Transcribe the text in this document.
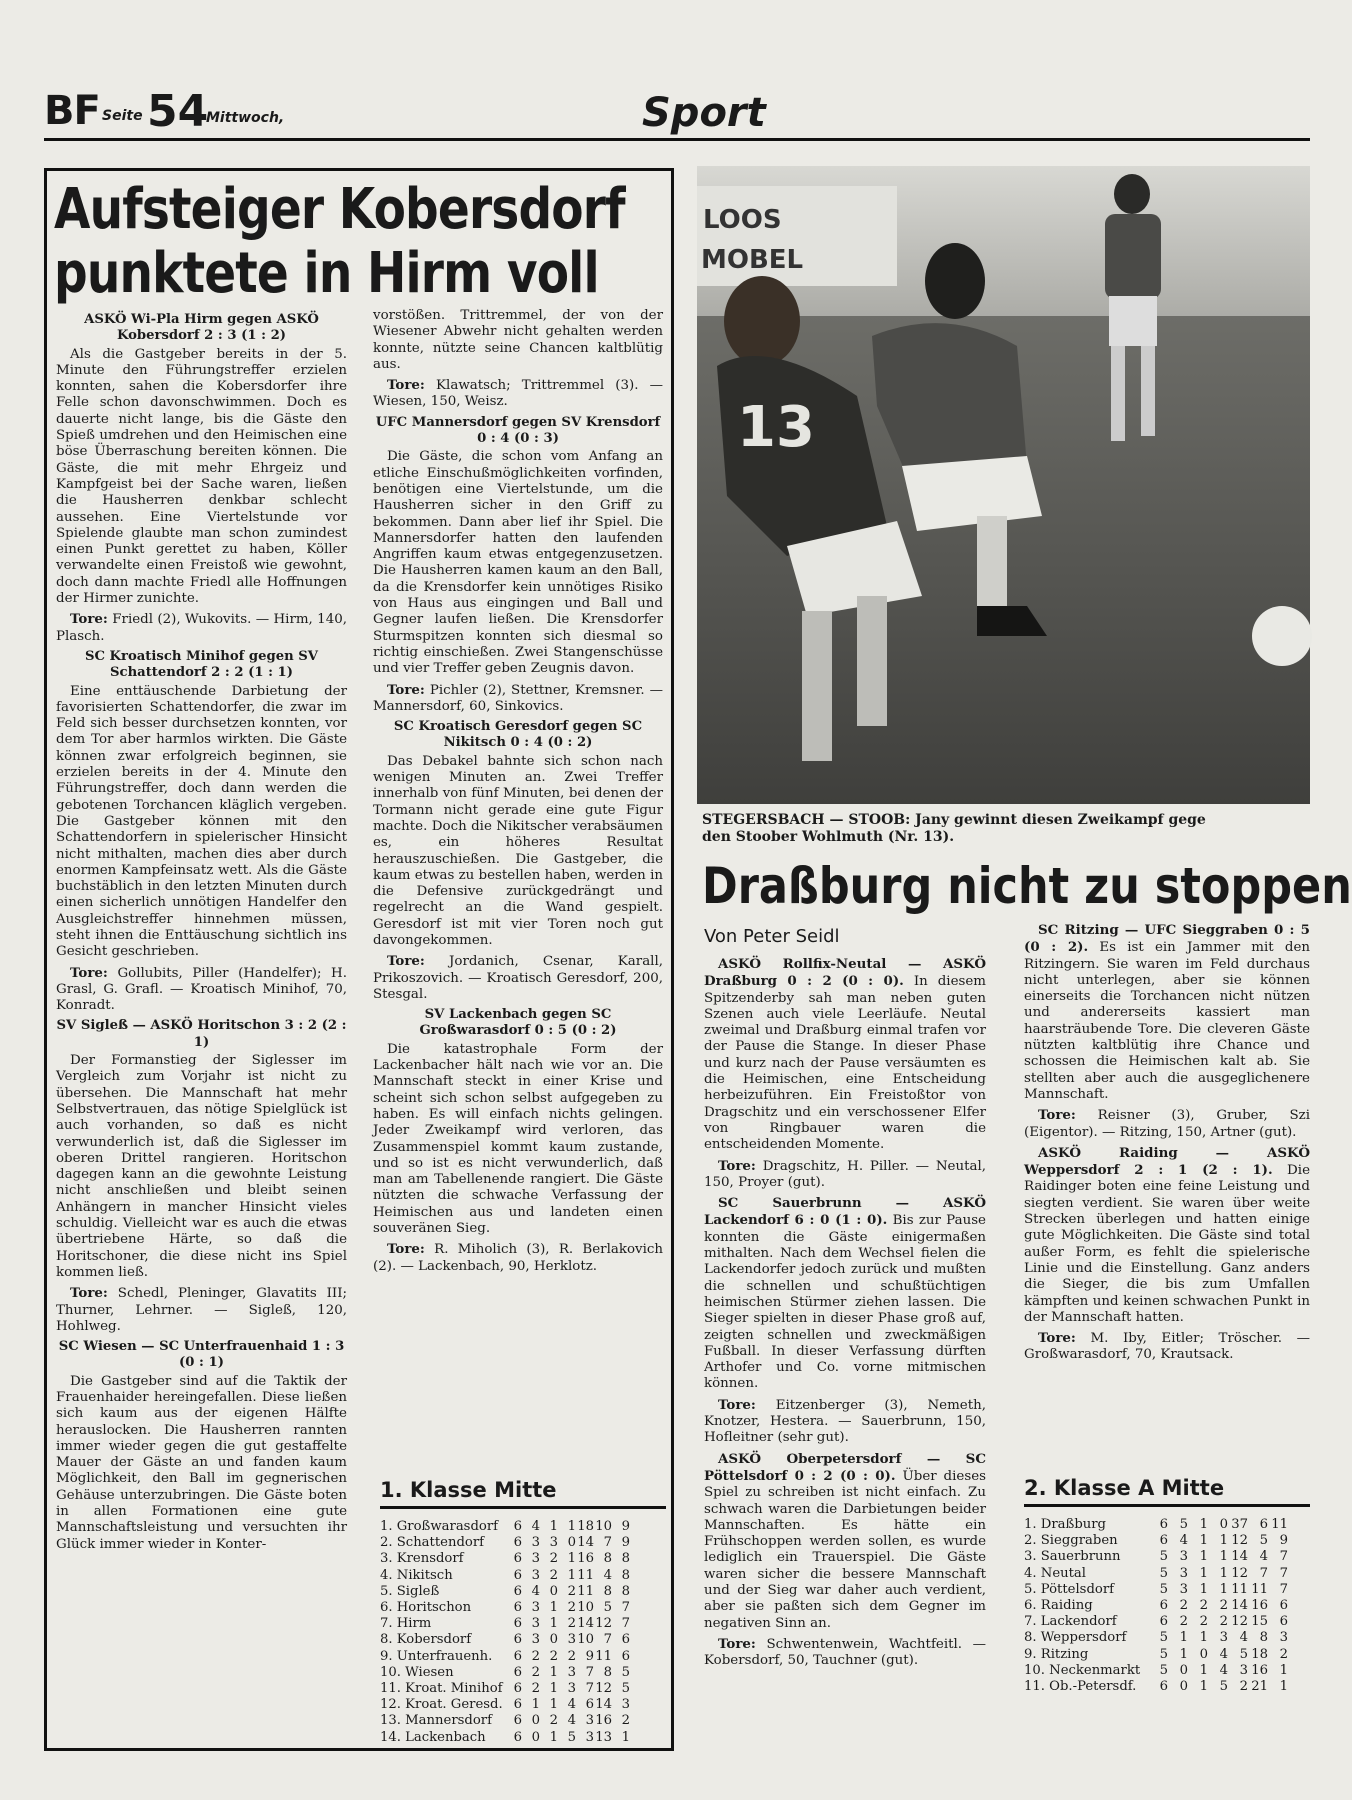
BF Seite 54
Mittwoch,	Sport
Aufsteiger Kobersdorf
punktete in Hirm voll

ASKÖ Wi-Pla Hirm gegen ASKÖ Kobersdorf 2 : 3 (1 : 2)

Als die Gastgeber bereits in der 5. Minute den Führungstreffer erzielen konnten, sahen die Kobersdorfer ihre Felle schon davonschwimmen. Doch es dauerte nicht lange, bis die Gäste den Spieß umdrehen und den Heimischen eine böse Überraschung bereiten können. Die Gäste, die mit mehr Ehrgeiz und Kampfgeist bei der Sache waren, ließen die Hausherren denkbar schlecht aussehen. Eine Viertelstunde vor Spielende glaubte man schon zumindest einen Punkt gerettet zu haben, Köller verwandelte einen Freistoß wie gewohnt, doch dann machte Friedl alle Hoffnungen der Hirmer zunichte.

Tore: Friedl (2), Wukovits. — Hirm, 140, Plasch.

SC Kroatisch Minihof gegen SV Schattendorf 2 : 2 (1 : 1)

Eine enttäuschende Darbietung der favorisierten Schattendorfer, die zwar im Feld sich besser durchsetzen konnten, vor dem Tor aber harmlos wirkten. Die Gäste können zwar erfolgreich beginnen, sie erzielen bereits in der 4. Minute den Führungstreffer, doch dann werden die gebotenen Torchancen kläglich vergeben. Die Gastgeber können mit den Schattendorfern in spielerischer Hinsicht nicht mithalten, machen dies aber durch enormen Kampfeinsatz wett. Als die Gäste buchstäblich in den letzten Minuten durch einen sicherlich unnötigen Handelfer den Ausgleichstreffer hinnehmen müssen, steht ihnen die Enttäuschung sichtlich ins Gesicht geschrieben.

Tore: Gollubits, Piller (Handelfer); H. Grasl, G. Grafl. — Kroatisch Minihof, 70, Konradt.

SV Sigleß — ASKÖ Horitschon 3 : 2 (2 : 1)

Der Formanstieg der Siglesser im Vergleich zum Vorjahr ist nicht zu übersehen. Die Mannschaft hat mehr Selbstvertrauen, das nötige Spielglück ist auch vorhanden, so daß es nicht verwunderlich ist, daß die Siglesser im oberen Drittel rangieren. Horitschon dagegen kann an die gewohnte Leistung nicht anschließen und bleibt seinen Anhängern in mancher Hinsicht vieles schuldig. Vielleicht war es auch die etwas übertriebene Härte, so daß die Horitschoner, die diese nicht ins Spiel kommen ließ.

Tore: Schedl, Pleninger, Glavatits III; Thurner, Lehrner. — Sigleß, 120, Hohlweg.

SC Wiesen — SC Unterfrauenhaid 1 : 3 (0 : 1)

Die Gastgeber sind auf die Taktik der Frauenhaider hereingefallen. Diese ließen sich kaum aus der eigenen Hälfte herauslocken. Die Hausherren rannten immer wieder gegen die gut gestaffelte Mauer der Gäste an und fanden kaum Möglichkeit, den Ball im gegnerischen Gehäuse unterzubringen. Die Gäste boten in allen Formationen eine gute Mannschaftsleistung und versuchten ihr Glück immer wieder in Konter-

vorstößen. Trittremmel, der von der Wiesener Abwehr nicht gehalten werden konnte, nützte seine Chancen kaltblütig aus.

Tore: Klawatsch; Trittremmel (3). — Wiesen, 150, Weisz.

UFC Mannersdorf gegen SV Krensdorf 0 : 4 (0 : 3)

Die Gäste, die schon vom Anfang an etliche Einschußmöglichkeiten vorfinden, benötigen eine Viertelstunde, um die Hausherren sicher in den Griff zu bekommen. Dann aber lief ihr Spiel. Die Mannersdorfer hatten den laufenden Angriffen kaum etwas entgegenzusetzen. Die Hausherren kamen kaum an den Ball, da die Krensdorfer kein unnötiges Risiko von Haus aus eingingen und Ball und Gegner laufen ließen. Die Krensdorfer Sturmspitzen konnten sich diesmal so richtig einschießen. Zwei Stangenschüsse und vier Treffer geben Zeugnis davon.

Tore: Pichler (2), Stettner, Kremsner. — Mannersdorf, 60, Sinkovics.

SC Kroatisch Geresdorf gegen SC Nikitsch 0 : 4 (0 : 2)

Das Debakel bahnte sich schon nach wenigen Minuten an. Zwei Treffer innerhalb von fünf Minuten, bei denen der Tormann nicht gerade eine gute Figur machte. Doch die Nikitscher verabsäumen es, ein höheres Resultat herauszuschießen. Die Gastgeber, die kaum etwas zu bestellen haben, werden in die Defensive zurückgedrängt und regelrecht an die Wand gespielt. Geresdorf ist mit vier Toren noch gut davongekommen.

Tore: Jordanich, Csenar, Karall, Prikoszovich. — Kroatisch Geresdorf, 200, Stesgal.

SV Lackenbach gegen SC Großwarasdorf 0 : 5 (0 : 2)

Die katastrophale Form der Lackenbacher hält nach wie vor an. Die Mannschaft steckt in einer Krise und scheint sich schon selbst aufgegeben zu haben. Es will einfach nichts gelingen. Jeder Zweikampf wird verloren, das Zusammenspiel kommt kaum zustande, und so ist es nicht verwunderlich, daß man am Tabellenende rangiert. Die Gäste nützten die schwache Verfassung der Heimischen aus und landeten einen souveränen Sieg.

Tore: R. Miholich (3), R. Berlakovich (2). — Lackenbach, 90, Herklotz.

1. Klasse Mitte
1. Großwarasdorf	6	4	1	1	18	10	9
2. Schattendorf	6	3	3	0	14	7	9
3. Krensdorf	6	3	2	1	16	8	8
4. Nikitsch	6	3	2	1	11	4	8
5. Sigleß	6	4	0	2	11	8	8
6. Horitschon	6	3	1	2	10	5	7
7. Hirm	6	3	1	2	14	12	7
8. Kobersdorf	6	3	0	3	10	7	6
9. Unterfrauenh.	6	2	2	2	9	11	6
10. Wiesen	6	2	1	3	7	8	5
11. Kroat. Minihof	6	2	1	3	7	12	5
12. Kroat. Geresd.	6	1	1	4	6	14	3
13. Mannersdorf	6	0	2	4	3	16	2
14. Lackenbach	6	0	1	5	3	13	1
LOOS
MOBEL
13
STEGERSBACH — STOOB: Jany gewinnt diesen Zweikampf gege
den Stoober Wohlmuth (Nr. 13).
Draßburg nicht zu stoppen
Von Peter Seidl

ASKÖ Rollfix-Neutal — ASKÖ Draßburg 0 : 2 (0 : 0). In diesem Spitzenderby sah man neben guten Szenen auch viele Leerläufe. Neutal zweimal und Draßburg einmal trafen vor der Pause die Stange. In dieser Phase und kurz nach der Pause versäumten es die Heimischen, eine Entscheidung herbeizuführen. Ein Freistoßtor von Dragschitz und ein verschossener Elfer von Ringbauer waren die entscheidenden Momente.

Tore: Dragschitz, H. Piller. — Neutal, 150, Proyer (gut).

SC Sauerbrunn — ASKÖ Lackendorf 6 : 0 (1 : 0). Bis zur Pause konnten die Gäste einigermaßen mithalten. Nach dem Wechsel fielen die Lackendorfer jedoch zurück und mußten die schnellen und schußtüchtigen heimischen Stürmer ziehen lassen. Die Sieger spielten in dieser Phase groß auf, zeigten schnellen und zweckmäßigen Fußball. In dieser Verfassung dürften Arthofer und Co. vorne mitmischen können.

Tore: Eitzenberger (3), Nemeth, Knotzer, Hestera. — Sauerbrunn, 150, Hofleitner (sehr gut).

ASKÖ Oberpetersdorf — SC Pöttelsdorf 0 : 2 (0 : 0). Über dieses Spiel zu schreiben ist nicht einfach. Zu schwach waren die Darbietungen beider Mannschaften. Es hätte ein Frühschoppen werden sollen, es wurde lediglich ein Trauerspiel. Die Gäste waren sicher die bessere Mannschaft und der Sieg war daher auch verdient, aber sie paßten sich dem Gegner im negativen Sinn an.

Tore: Schwentenwein, Wachtfeitl. — Kobersdorf, 50, Tauchner (gut).

SC Ritzing — UFC Sieggraben 0 : 5 (0 : 2). Es ist ein Jammer mit den Ritzingern. Sie waren im Feld durchaus nicht unterlegen, aber sie können einerseits die Torchancen nicht nützen und andererseits kassiert man haarsträubende Tore. Die cleveren Gäste nützten kaltblütig ihre Chance und schossen die Heimischen kalt ab. Sie stellten aber auch die ausgeglichenere Mannschaft.

Tore: Reisner (3), Gruber, Szi (Eigentor). — Ritzing, 150, Artner (gut).

ASKÖ Raiding — ASKÖ Weppersdorf 2 : 1 (2 : 1). Die Raidinger boten eine feine Leistung und siegten verdient. Sie waren über weite Strecken überlegen und hatten einige gute Möglichkeiten. Die Gäste sind total außer Form, es fehlt die spielerische Linie und die Einstellung. Ganz anders die Sieger, die bis zum Umfallen kämpften und keinen schwachen Punkt in der Mannschaft hatten.

Tore: M. Iby, Eitler; Tröscher. — Großwarasdorf, 70, Krautsack.

2. Klasse A Mitte
1. Draßburg	6	5	1	0	37	6	11
2. Sieggraben	6	4	1	1	12	5	9
3. Sauerbrunn	5	3	1	1	14	4	7
4. Neutal	5	3	1	1	12	7	7
5. Pöttelsdorf	5	3	1	1	11	11	7
6. Raiding	6	2	2	2	14	16	6
7. Lackendorf	6	2	2	2	12	15	6
8. Weppersdorf	5	1	1	3	4	8	3
9. Ritzing	5	1	0	4	5	18	2
10. Neckenmarkt	5	0	1	4	3	16	1
11. Ob.-Petersdf.	6	0	1	5	2	21	1
